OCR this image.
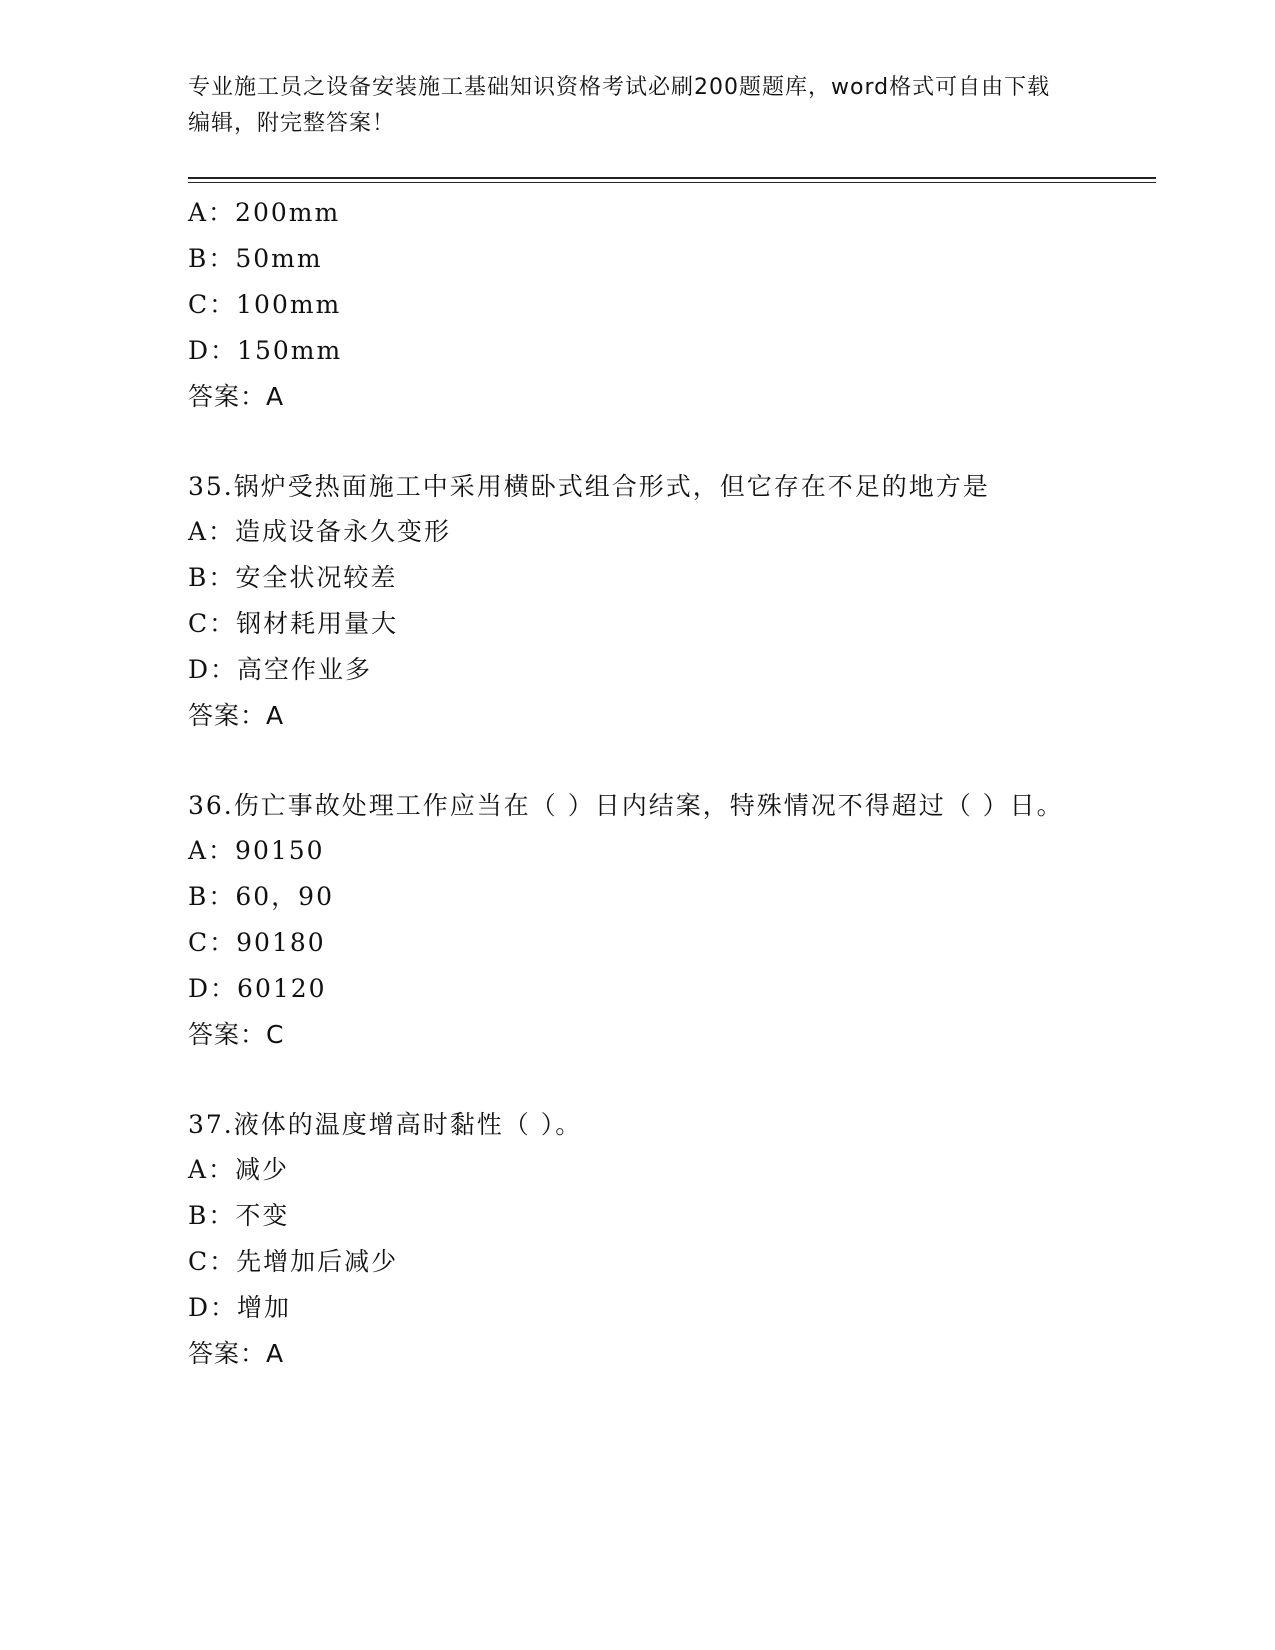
专业施工员之设备安装施工基础知识资格考试必刷200题题库，word格式可自由下载编辑，附完整答案！
A：200mm
B：50mm
C：100mm
D：150mm
答案：A
35.锅炉受热面施工中采用横卧式组合形式，但它存在不足的地方是
A：造成设备永久变形
B：安全状况较差
C：钢材耗用量大
D：高空作业多
答案：A
36.伤亡事故处理工作应当在（ ）日内结案，特殊情况不得超过（ ）日。
A：90150
B：60，90
C：90180
D：60120
答案：C
37.液体的温度增高时黏性（ ）。
A：减少
B：不变
C：先增加后减少
D：增加
答案：A
